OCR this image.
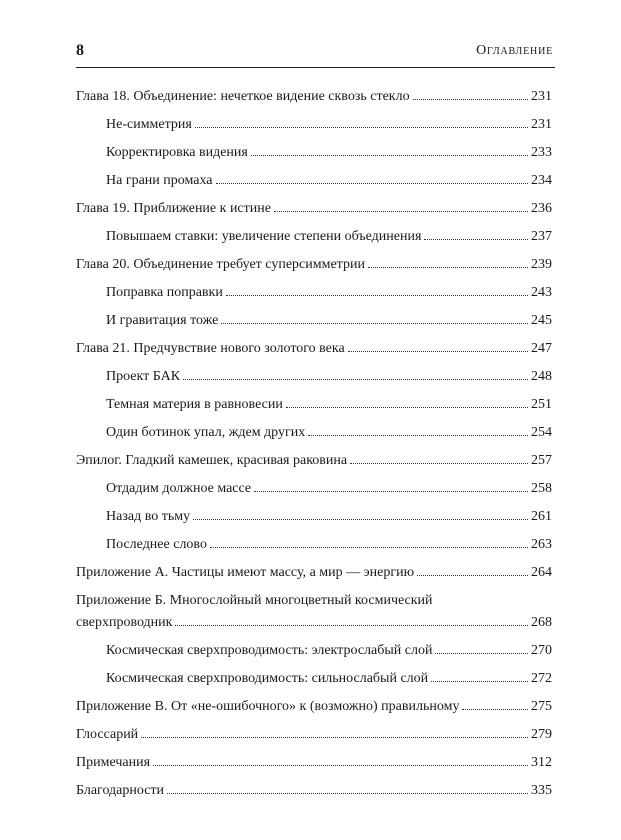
8	Оглавление
Глава 18. Объединение: нечеткое видение сквозь стекло	231
Не-симметрия	231
Корректировка видения	233
На грани промаха	234
Глава 19. Приближение к истине	236
Повышаем ставки: увеличение степени объединения	237
Глава 20. Объединение требует суперсимметрии	239
Поправка поправки	243
И гравитация тоже	245
Глава 21. Предчувствие нового золотого века	247
Проект БАК	248
Темная материя в равновесии	251
Один ботинок упал, ждем других	254
Эпилог. Гладкий камешек, красивая раковина	257
Отдадим должное массе	258
Назад во тьму	261
Последнее слово	263
Приложение А. Частицы имеют массу, а мир — энергию	264
Приложение Б. Многослойный многоцветный космический
сверхпроводник	268
Космическая сверхпроводимость: электрослабый слой	270
Космическая сверхпроводимость: сильнослабый слой	272
Приложение В. От «не-ошибочного» к (возможно) правильному	275
Глоссарий	279
Примечания	312
Благодарности	335
